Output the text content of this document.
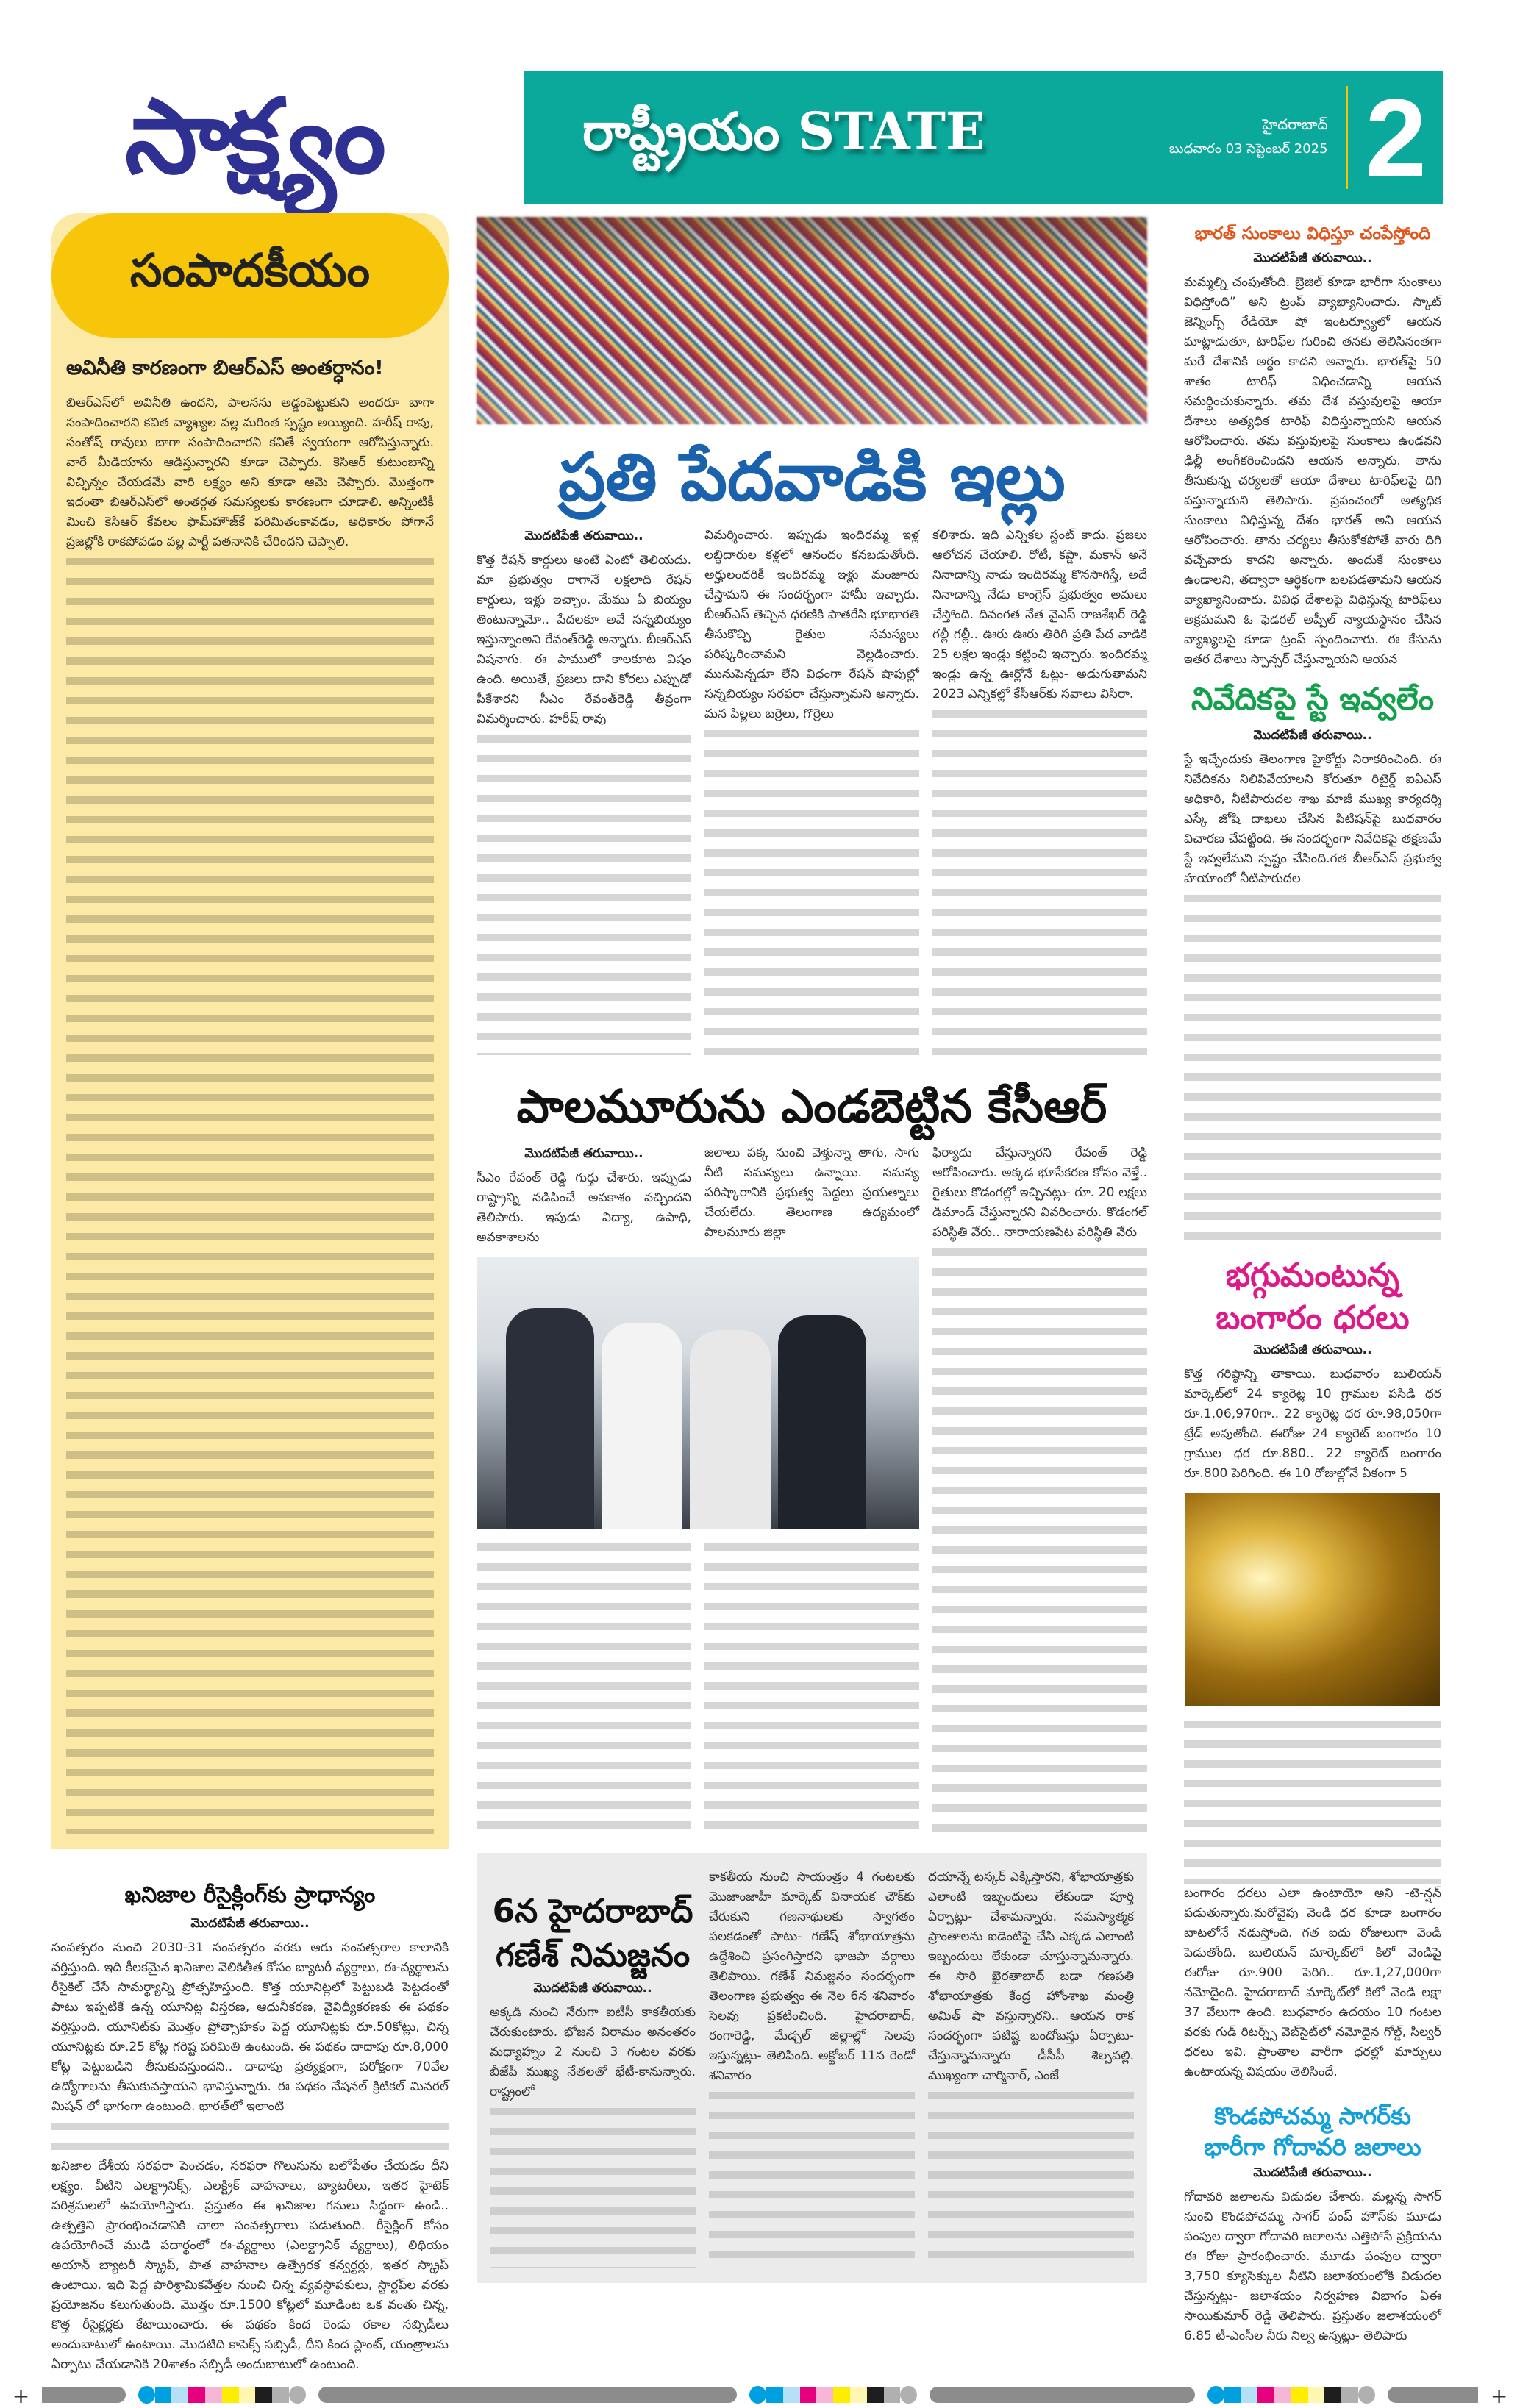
సాక్ష్యం	రాష్ట్రీయం STATE	హైదరాబాద్
బుధవారం 03 సెప్టెంబర్ 2025 2
సంపాదకీయం
అవినీతి కారణంగా బిఆర్‌ఎస్ అంతర్ధానం!

బిఆర్‌ఎస్‌లో అవినీతి ఉందని, పాలనను అడ్డంపెట్టుకుని అందరూ బాగా సంపాదించారని కవిత వ్యాఖ్యల వల్ల మరింత స్పష్టం అయ్యింది. హరీష్ రావు, సంతోష్ రావులు బాగా సంపాదించారని కవితే స్వయంగా ఆరోపిస్తున్నారు. వారే మీడియాను ఆడిస్తున్నారని కూడా చెప్పారు. కెసిఆర్ కుటుంబాన్ని విచ్ఛిన్నం చేయడమే వారి లక్ష్యం అని కూడా ఆమె చెప్పారు. మొత్తంగా ఇదంతా బిఆర్‌ఎస్‌లో అంతర్గత సమస్యలకు కారణంగా చూడాలి. అన్నింటికీ మించి కెసిఆర్ కేవలం ఫామ్‌హౌజ్‌కే పరిమితంకావడం, అధికారం పోగానే ప్రజల్లోకి రాకపోవడం వల్ల పార్టీ పతనానికి చేరిందని చెప్పాలి.

ఖనిజాల రీసైక్లింగ్‌కు ప్రాధాన్యం
మొదటిపేజీ తరువాయి..

సంవత్సరం నుంచి 2030-31 సంవత్సరం వరకు ఆరు సంవత్సరాల కాలానికి వర్తిస్తుంది. ఇది కీలకమైన ఖనిజాల వెలికితీత కోసం బ్యాటరీ వ్యర్థాలు, ఈ-వ్యర్థాలను రీసైకిల్ చేసే సామర్థ్యాన్ని ప్రోత్సహిస్తుంది. కొత్త యూనిట్లలో పెట్టుబడి పెట్టడంతో పాటు ఇప్పటికే ఉన్న యూనిట్ల విస్తరణ, ఆధునీకరణ, వైవిధ్యీకరణకు ఈ పథకం వర్తిస్తుంది. యూనిట్‌కు మొత్తం ప్రోత్సాహకం పెద్ద యూనిట్లకు రూ.50కోట్లు, చిన్న యూనిట్లకు రూ.25 కోట్ల గరిష్ట పరిమితి ఉంటుంది. ఈ పథకం దాదాపు రూ.8,000 కోట్ల పెట్టుబడిని తీసుకువస్తుందని.. దాదాపు ప్రత్యక్షంగా, పరోక్షంగా 70వేల ఉద్యోగాలను తీసుకువస్తాయని భావిస్తున్నారు. ఈ పథకం నేషనల్ క్రిటికల్ మినరల్ మిషన్ లో భాగంగా ఉంటుంది. భారత్‌లో ఇలాంటి

ఖనిజాల దేశీయ సరఫరా పెంచడం, సరఫరా గొలుసును బలోపేతం చేయడం దీని లక్ష్యం. వీటిని ఎలక్ట్రానిక్స్, ఎలక్ట్రిక్ వాహనాలు, బ్యాటరీలు, ఇతర హైటెక్ పరిశ్రమలలో ఉపయోగిస్తారు. ప్రస్తుతం ఈ ఖనిజాల గనులు సిద్ధంగా ఉండి.. ఉత్పత్తిని ప్రారంభించడానికి చాలా సంవత్సరాలు పడుతుంది. రీసైక్లింగ్ కోసం ఉపయోగించే ముడి పదార్థంలో ఈ-వ్యర్థాలు (ఎలక్ట్రానిక్ వ్యర్థాలు), లిథియం అయాన్ బ్యాటరీ స్క్రాప్, పాత వాహనాల ఉత్ప్రేరక కన్వర్టర్లు, ఇతర స్క్రాప్ ఉంటాయి. ఇది పెద్ద పారిశ్రామికవేత్తల నుంచి చిన్న వ్యవస్థాపకులు, స్టార్టప్‌ల వరకు ప్రయోజనం కలుగుతుంది. మొత్తం రూ.1500 కోట్లలో మూడింట ఒక వంతు చిన్న, కొత్త రీసైక్లర్లకు కేటాయించారు. ఈ పథకం కింద రెండు రకాల సబ్సిడీలు అందుబాటులో ఉంటాయి. మొదటిది కాపెక్స్ సబ్సిడీ, దీని కింద ప్లాంట్, యంత్రాలను ఏర్పాటు చేయడానికి 20శాతం సబ్సిడీ అందుబాటులో ఉంటుంది.

ప్రతి పేదవాడికి ఇల్లు
మొదటిపేజీ తరువాయి..

కొత్త రేషన్ కార్డులు అంటే ఏంటో తెలియదు. మా ప్రభుత్వం రాగానే లక్షలాది రేషన్ కార్డులు, ఇళ్లు ఇచ్చాం. మేము ఏ బియ్యం తింటున్నామో.. పేదలకూ అవే సన్నబియ్యం ఇస్తున్నాంఅని రేవంత్‌రెడ్డి అన్నారు. బీఆర్‌ఎస్ విషనాగు. ఈ పాములో కాలకూట విషం ఉంది. అయితే, ప్రజలు దాని కోరలు ఎప్పుడో పీకేశారని సీఎం రేవంత్‌రెడ్డి తీవ్రంగా విమర్శించారు. హరీష్ రావు

విమర్శించారు. ఇప్పుడు ఇందిరమ్మ ఇళ్ల లబ్ధిదారుల కళ్లలో ఆనందం కనబడుతోంది. అర్హులందరికీ ఇందిరమ్మ ఇళ్లు మంజూరు చేస్తామని ఈ సందర్భంగా హామీ ఇచ్చారు. బీఆర్‌ఎస్ తెచ్చిన ధరణికి పాతరేసి భూభారతి తీసుకొచ్చి రైతుల సమస్యలు పరిష్కరించామని వెల్లడించారు. మునుపెన్నడూ లేని విధంగా రేషన్ షాపుల్లో సన్నబియ్యం సరఫరా చేస్తున్నామని అన్నారు. మన పిల్లలు బర్రెలు, గొర్రెలు

కలిశారు. ఇది ఎన్నికల స్టంట్ కాదు. ప్రజలు ఆలోచన చేయాలి. రోటీ, కప్డా, మకాన్ అనే నినాదాన్ని నాడు ఇందిరమ్మ కొనసాగిస్తే, అదే నినాదాన్ని నేడు కాంగ్రెస్ ప్రభుత్వం అమలు చేస్తోంది. దివంగత నేత వైఎస్ రాజశేఖర్ రెడ్డి గల్లీ గల్లీ.. ఊరు ఊరు తిరిగి ప్రతి పేద వాడికి 25 లక్షల ఇండ్లు కట్టించి ఇచ్చారు. ఇందిరమ్మ ఇండ్లు ఉన్న ఊర్లోనే ఓట్లు- అడుగుతామని 2023 ఎన్నికల్లో కేసీఆర్‌కు సవాలు విసిరా.

పాలమూరును ఎండబెట్టిన కేసీఆర్
మొదటిపేజీ తరువాయి..

సీఎం రేవంత్ రెడ్డి గుర్తు చేశారు. ఇప్పుడు రాష్ట్రాన్ని నడిపించే అవకాశం వచ్చిందని తెలిపారు. ఇపుడు విద్యా, ఉపాధి, అవకాశాలను

జలాలు పక్క నుంచి వెళ్తున్నా తాగు, సాగు నీటి సమస్యలు ఉన్నాయి. సమస్య పరిష్కారానికి ప్రభుత్వ పెద్దలు ప్రయత్నాలు చేయలేదు. తెలంగాణ ఉద్యమంలో పాలమూరు జిల్లా

ఫిర్యాదు చేస్తున్నారని రేవంత్ రెడ్డి ఆరోపించారు. అక్కడ భూసేకరణ కోసం వెళ్తే.. రైతులు కొడంగల్లో ఇచ్చినట్లు- రూ. 20 లక్షలు డిమాండ్ చేస్తున్నారని వివరించారు. కొడంగల్ పరిస్థితి వేరు.. నారాయణపేట పరిస్థితి వేరు

6న హైదరాబాద్ గణేశ్ నిమజ్జనం
మొదటిపేజీ తరువాయి..

అక్కడి నుంచి నేరుగా ఐటీసీ కాకతీయకు చేరుకుంటారు. భోజన విరామం అనంతరం మధ్యాహ్నం 2 నుంచి 3 గంటల వరకు బీజేపీ ముఖ్య నేతలతో భేటీ-కానున్నారు. రాష్ట్రంలో

కాకతీయ నుంచి సాయంత్రం 4 గంటలకు మొజాంజాహీ మార్కెట్ వినాయక చౌక్‌కు చేరుకుని గణనాథులకు స్వాగతం పలకడంతో పాటు- గణేష్ శోభాయాత్రను ఉద్దేశించి ప్రసంగిస్తారని భాజపా వర్గాలు తెలిపాయి. గణేశ్ నిమజ్జనం సందర్భంగా తెలంగాణ ప్రభుత్వం ఈ నెల 6న శనివారం సెలవు ప్రకటించింది. హైదరాబాద్, రంగారెడ్డి, మేడ్చల్ జిల్లాల్లో సెలవు ఇస్తున్నట్లు- తెలిపింది. అక్టోబర్ 11న రెండో శనివారం

దయాన్నే టస్కర్ ఎక్కిస్తారని, శోభాయాత్రకు ఎలాంటి ఇబ్బందులు లేకుండా పూర్తి ఏర్పాట్లు- చేశామన్నారు. సమస్యాత్మక ప్రాంతాలను ఐడెంటిఫై చేసి ఎక్కడ ఎలాంటి ఇబ్బందులు లేకుండా చూస్తున్నామన్నారు. ఈ సారి ఖైరతాబాద్ బడా గణపతి శోభాయాత్రకు కేంద్ర హోంశాఖ మంత్రి అమిత్ షా వస్తున్నారని.. ఆయన రాక సందర్భంగా పటిష్ట బందోబస్తు ఏర్పాటు- చేస్తున్నామన్నారు డీసీపీ శిల్పవల్లి. ముఖ్యంగా చార్మినార్, ఎంజే

భారత్ సుంకాలు విధిస్తూ చంపేస్తోంది
మొదటిపేజీ తరువాయి..

మమ్మల్ని చంపుతోంది. బ్రెజిల్ కూడా భారీగా సుంకాలు విధిస్తోంది” అని ట్రంప్ వ్యాఖ్యానించారు. స్కాట్ జెన్నింగ్స్ రేడియో షో ఇంటర్వ్యూలో ఆయన మాట్లాడుతూ, టారిఫ్‌ల గురించి తనకు తెలిసినంతగా మరే దేశానికి అర్థం కాదని అన్నారు. భారత్‌పై 50 శాతం టారిఫ్ విధించడాన్ని ఆయన సమర్థించుకున్నారు. తమ దేశ వస్తువులపై ఆయా దేశాలు అత్యధిక టారిఫ్ విధిస్తున్నాయని ఆయన ఆరోపించారు. తమ వస్తువులపై సుంకాలు ఉండవని ఢిల్లీ అంగీకరించిందని ఆయన అన్నారు. తాను తీసుకున్న చర్యలతో ఆయా దేశాలు టారిఫ్‌లపై దిగి వస్తున్నాయని తెలిపారు. ప్రపంచంలో అత్యధిక సుంకాలు విధిస్తున్న దేశం భారత్ అని ఆయన ఆరోపించారు. తాను చర్యలు తీసుకోకపోతే వారు దిగి వచ్చేవారు కాదని అన్నారు. అందుకే సుంకాలు ఉండాలని, తద్వారా ఆర్థికంగా బలపడతామని ఆయన వ్యాఖ్యానించారు. వివిధ దేశాలపై విధిస్తున్న టారిఫ్‌లు అక్రమమని ఓ ఫెడరల్ అప్పీల్ న్యాయస్థానం చేసిన వ్యాఖ్యలపై కూడా ట్రంప్ స్పందించారు. ఈ కేసును ఇతర దేశాలు స్పాన్సర్ చేస్తున్నాయని ఆయన

నివేదికపై స్టే ఇవ్వలేం
మొదటిపేజీ తరువాయి..

స్టే ఇచ్చేందుకు తెలంగాణ హైకోర్టు నిరాకరించింది. ఈ నివేదికను నిలిపివేయాలని కోరుతూ రిటైర్డ్ ఐఏఎస్ అధికారి, నీటిపారుదల శాఖ మాజీ ముఖ్య కార్యదర్శి ఎస్కే జోషి దాఖలు చేసిన పిటిషన్‌పై బుధవారం విచారణ చేపట్టింది. ఈ సందర్భంగా నివేదికపై తక్షణమే స్టే ఇవ్వలేమని స్పష్టం చేసింది.గత బీఆర్‌ఎస్ ప్రభుత్వ హయాంలో నీటిపారుదల

భగ్గుమంటున్న
బంగారం ధరలు
మొదటిపేజీ తరువాయి..

కొత్త గరిష్ఠాన్ని తాకాయి. బుధవారం బులియన్ మార్కెట్‌లో 24 క్యారెట్ల 10 గ్రాముల పసిడి ధర రూ.1,06,970గా.. 22 క్యారెట్ల ధర రూ.98,050గా ట్రేడ్ అవుతోంది. ఈరోజు 24 క్యారెట్ బంగారం 10 గ్రాముల ధర రూ.880.. 22 క్యారెట్ బంగారం రూ.800 పెరిగింది. ఈ 10 రోజుల్లోనే ఏకంగా 5

బంగారం ధరలు ఎలా ఉంటాయో అని -టె-న్షన్ పడుతున్నారు.మరోవైపు వెండి ధర కూడా బంగారం బాటలోనే నడుస్తోంది. గత ఐదు రోజులుగా వెండి పెడుతోంది. బులియన్ మార్కెట్‌లో కిలో వెండిపై ఈరోజు రూ.900 పెరిగి.. రూ.1,27,000గా నమోదైంది. హైదరాబాద్ మార్కెట్‌లో కిలో వెండి లక్షా 37 వేలుగా ఉంది. బుధవారం ఉదయం 10 గంటల వరకు గుడ్ రిటర్న్స్ వెబ్‌సైట్‌లో నమోదైన గోల్డ్, సిల్వర్ ధరలు ఇవి. ప్రాంతాల వారీగా ధరల్లో మార్పులు ఉంటాయన్న విషయం తెలిసిందే.

కొండపోచమ్మ సాగర్‌కు భారీగా గోదావరి జలాలు
మొదటిపేజీ తరువాయి..

గోదావరి జలాలను విడుదల చేశారు. మల్లన్న సాగర్ నుంచి కొండపోచమ్మ సాగర్ పంప్ హౌస్‌కు మూడు పంపుల ద్వారా గోదావరి జలాలను ఎత్తిపోసే ప్రక్రియను ఈ రోజు ప్రారంభించారు. మూడు పంపుల ద్వారా 3,750 క్యూసెక్కుల నీటిని జలాశయంలోకి విడుదల చేస్తున్నట్లు- జలాశయం నిర్వహణ విభాగం ఏఈ సాయికుమార్ రెడ్డి తెలిపారు. ప్రస్తుతం జలాశయంలో 6.85 టీ-ఎంసీల నీరు నిల్వ ఉన్నట్లు- తెలిపారు

+	+
